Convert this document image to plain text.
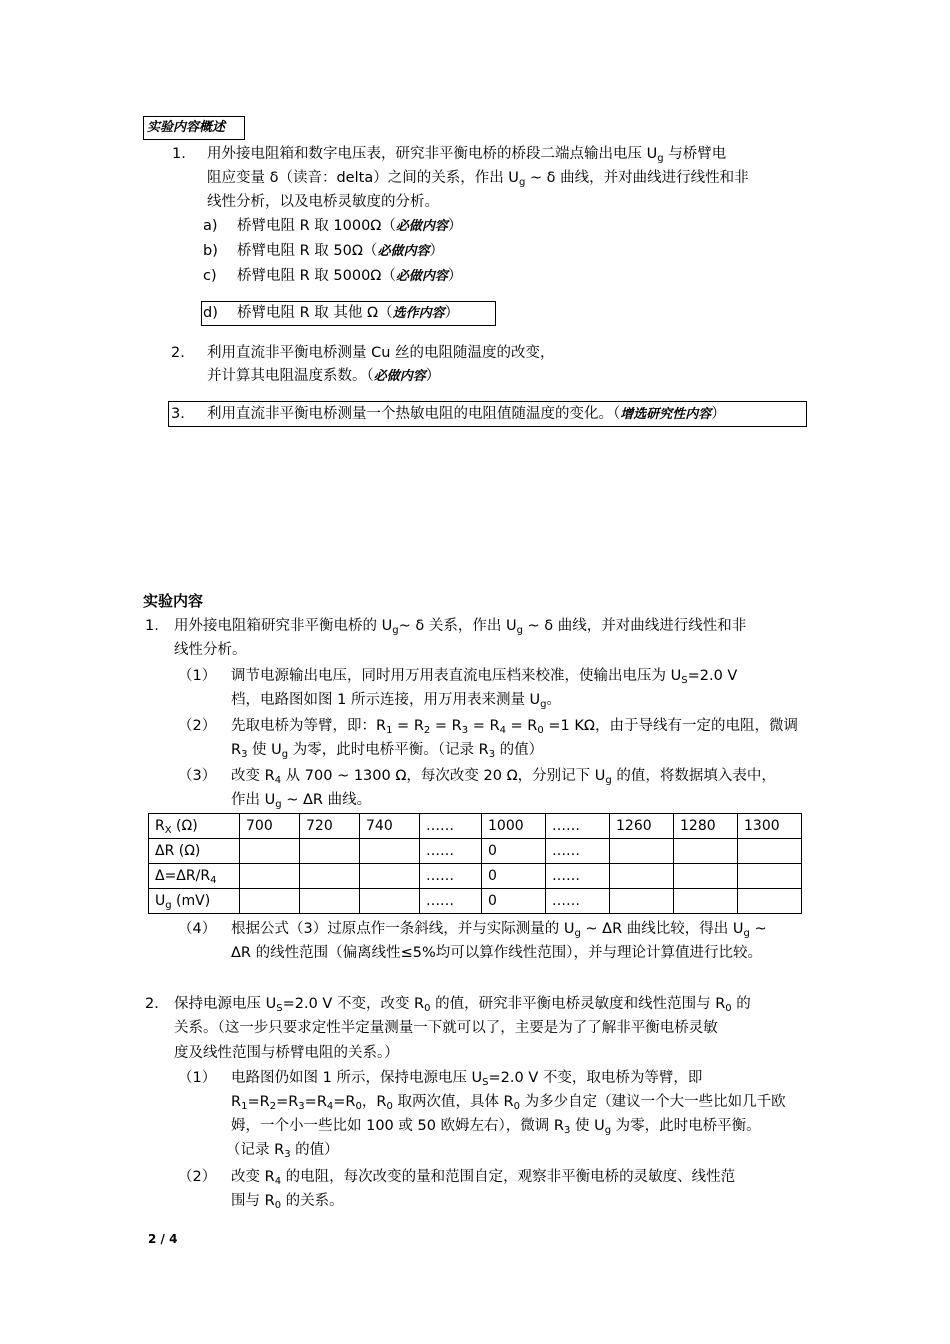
实验内容概述
1. 用外接电阻箱和数字电压表，研究非平衡电桥的桥段二端点输出电压 $U_g$ 与桥臂电
阻应变量 δ（读音：delta）之间的关系，作出 $U_g$ ~ δ 曲线，并对曲线进行线性和非
线性分析，以及电桥灵敏度的分析。
a) 桥臂电阻 R 取 1000Ω（必做内容）
b) 桥臂电阻 R 取 50Ω（必做内容）
c) 桥臂电阻 R 取 5000Ω（必做内容）
d) 桥臂电阻 R 取 其他 Ω（选作内容）
2. 利用直流非平衡电桥测量 Cu 丝的电阻随温度的改变，
并计算其电阻温度系数。（必做内容）
3. 利用直流非平衡电桥测量一个热敏电阻的电阻值随温度的变化。（增选研究性内容）
实验内容
1. 用外接电阻箱研究非平衡电桥的 $U_g\sim$ δ 关系，作出 $U_g$ ~ δ 曲线，并对曲线进行线性和非
线性分析。
（1） 调节电源输出电压，同时用万用表直流电压档来校准，使输出电压为 $U_S=2.0$ V
档，电路图如图 1 所示连接，用万用表来测量 $U_g$。
（2） 先取电桥为等臂，即：$R_1 = R_2 = R_3 = R_4 = R_0 =1$ KΩ，由于导线有一定的电阻，微调
$R_3$ 使 $U_g$ 为零，此时电桥平衡。（记录 $R_3$ 的值）
（3） 改变 $R_4$ 从 700 ~ 1300 Ω，每次改变 20 Ω，分别记下 $U_g$ 的值，将数据填入表中，
作出 $U_g$ ~ ΔR 曲线。
$R_X$ (Ω)	700	720	740	……	1000	……	1260	1280	1300
ΔR (Ω)				……	0	……			
$\Delta=\Delta R/R_4$				……	0	……			
$U_g$ (mV)				……	0	……			
（4） 根据公式（3）过原点作一条斜线，并与实际测量的 $U_g$ ~ ΔR 曲线比较，得出 $U_g$ ~
ΔR 的线性范围（偏离线性≤5%均可以算作线性范围），并与理论计算值进行比较。
2. 保持电源电压 $U_S=2.0$ V 不变，改变 $R_0$ 的值，研究非平衡电桥灵敏度和线性范围与 $R_0$ 的
关系。（这一步只要求定性半定量测量一下就可以了，主要是为了了解非平衡电桥灵敏
度及线性范围与桥臂电阻的关系。）
（1） 电路图仍如图 1 所示，保持电源电压 $U_S=2.0$ V 不变，取电桥为等臂，即
$R_1=R_2=R_3=R_4=R_0$，$R_0$ 取两次值，具体 $R_0$ 为多少自定（建议一个大一些比如几千欧
姆，一个小一些比如 100 或 50 欧姆左右），微调 $R_3$ 使 $U_g$ 为零，此时电桥平衡。
（记录 $R_3$ 的值）
（2） 改变 $R_4$ 的电阻，每次改变的量和范围自定，观察非平衡电桥的灵敏度、线性范
围与 $R_0$ 的关系。
2 / 4
